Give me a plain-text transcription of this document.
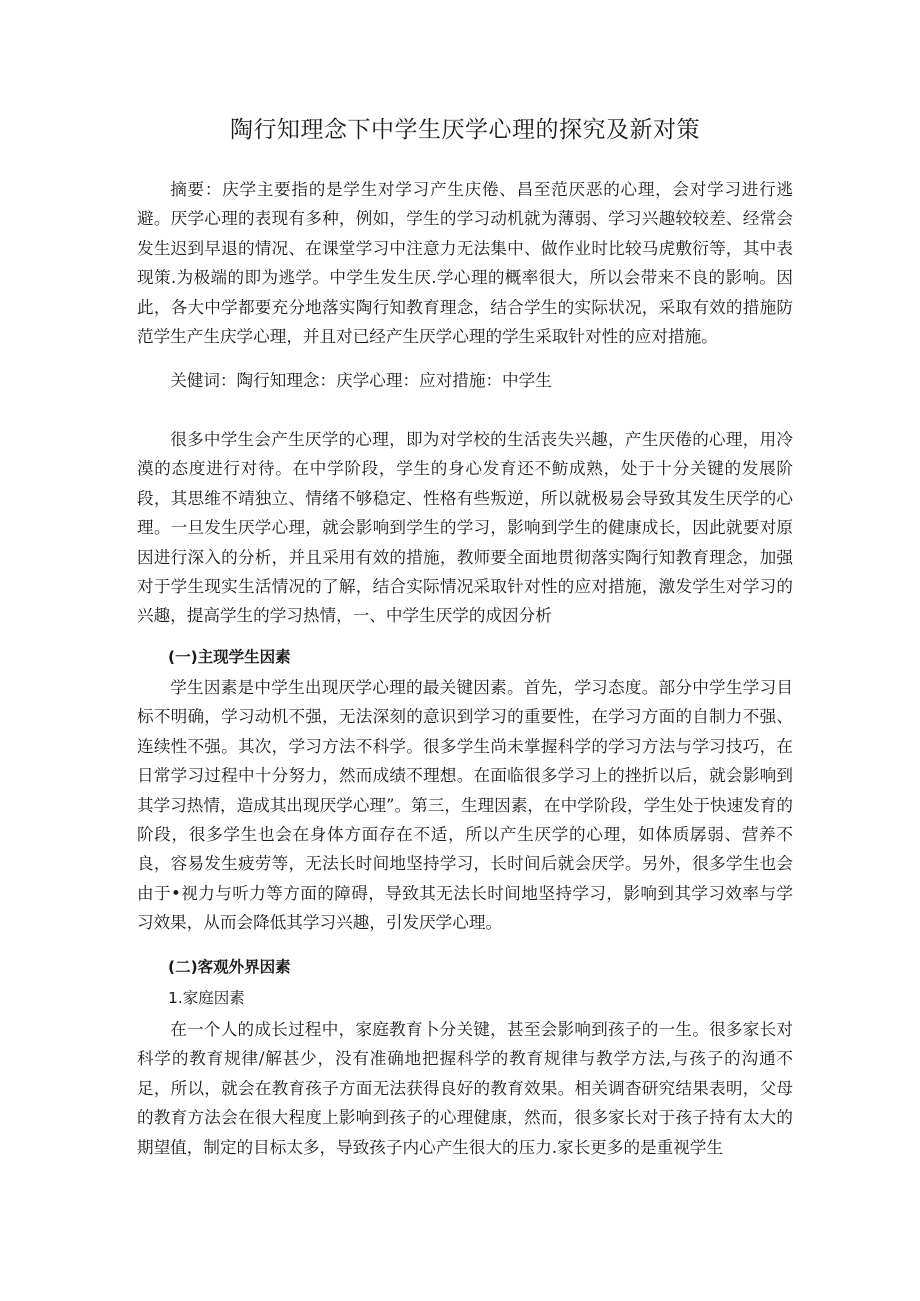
陶行知理念下中学生厌学心理的探究及新对策

摘要：庆学主要指的是学生对学习产生庆倦、昌至范厌恶的心理，会对学习进行逃避。厌学心理的表现有多种，例如，学生的学习动机就为薄弱、学习兴趣较较差、经常会发生迟到早退的情况、在课堂学习中注意力无法集中、做作业时比较马虎敷衍等，其中表现策.为极端的即为逃学。中学生发生厌.学心理的概率很大，所以会带来不良的影响。因此，各大中学都要充分地落实陶行知教育理念，结合学生的实际状况，采取有效的措施防范学生产生庆学心理，并且对已经产生厌学心理的学生采取针对性的应对措施。

关健词：陶行知理念：庆学心理：应对措施：中学生

很多中学生会产生厌学的心理，即为对学校的生活丧失兴趣，产生厌倦的心理，用冷漠的态度进行对待。在中学阶段，学生的身心发育还不鲂成熟，处于十分关键的发展阶段，其思维不靖独立、情绪不够稳定、性格有些叛逆，所以就极易会导致其发生厌学的心理。一旦发生厌学心理，就会影响到学生的学习，影响到学生的健康成长，因此就要对原因进行深入的分析，并且采用有效的措施，教师要全面地贯彻落实陶行知教育理念，加强对于学生现实生活情况的了解，结合实际情况采取针对性的应对措施，激发学生对学习的兴趣，提高学生的学习热情，一、中学生厌学的成因分析

(一)主现学生因素

学生因素是中学生出现厌学心理的最关键因素。首先，学习态度。部分中学生学习目标不明确，学习动机不强，无法深刻的意识到学习的重要性，在学习方面的自制力不强、连续性不强。其次，学习方法不科学。很多学生尚未掌握科学的学习方法与学习技巧，在日常学习过程中十分努力，然而成绩不理想。在面临很多学习上的挫折以后，就会影响到其学习热情，造成其出现厌学心理”。第三，生理因素，在中学阶段，学生处于快速发育的阶段，很多学生也会在身体方面存在不适，所以产生厌学的心理，如体质孱弱、营养不良，容易发生疲劳等，无法长时间地坚持学习，长时间后就会厌学。另外，很多学生也会由于•视力与听力等方面的障碍，导致其无法长时间地坚持学习，影响到其学习效率与学习效果，从而会降低其学习兴趣，引发厌学心理。

(二)客观外界因素

1.家庭因素

在一个人的成长过程中，家庭教育卜分关键，甚至会影响到孩子的一生。很多家长对科学的教育规律/解甚少，没有准确地把握科学的教育规律与教学方法,与孩子的沟通不足，所以，就会在教育孩子方面无法获得良好的教育效果。相关调杳研究结果表明，父母的教育方法会在很大程度上影响到孩子的心理健康，然而，很多家长对于孩子持有太大的期望值，制定的目标太多，导致孩子内心产生很大的压力.家长更多的是重视学生
